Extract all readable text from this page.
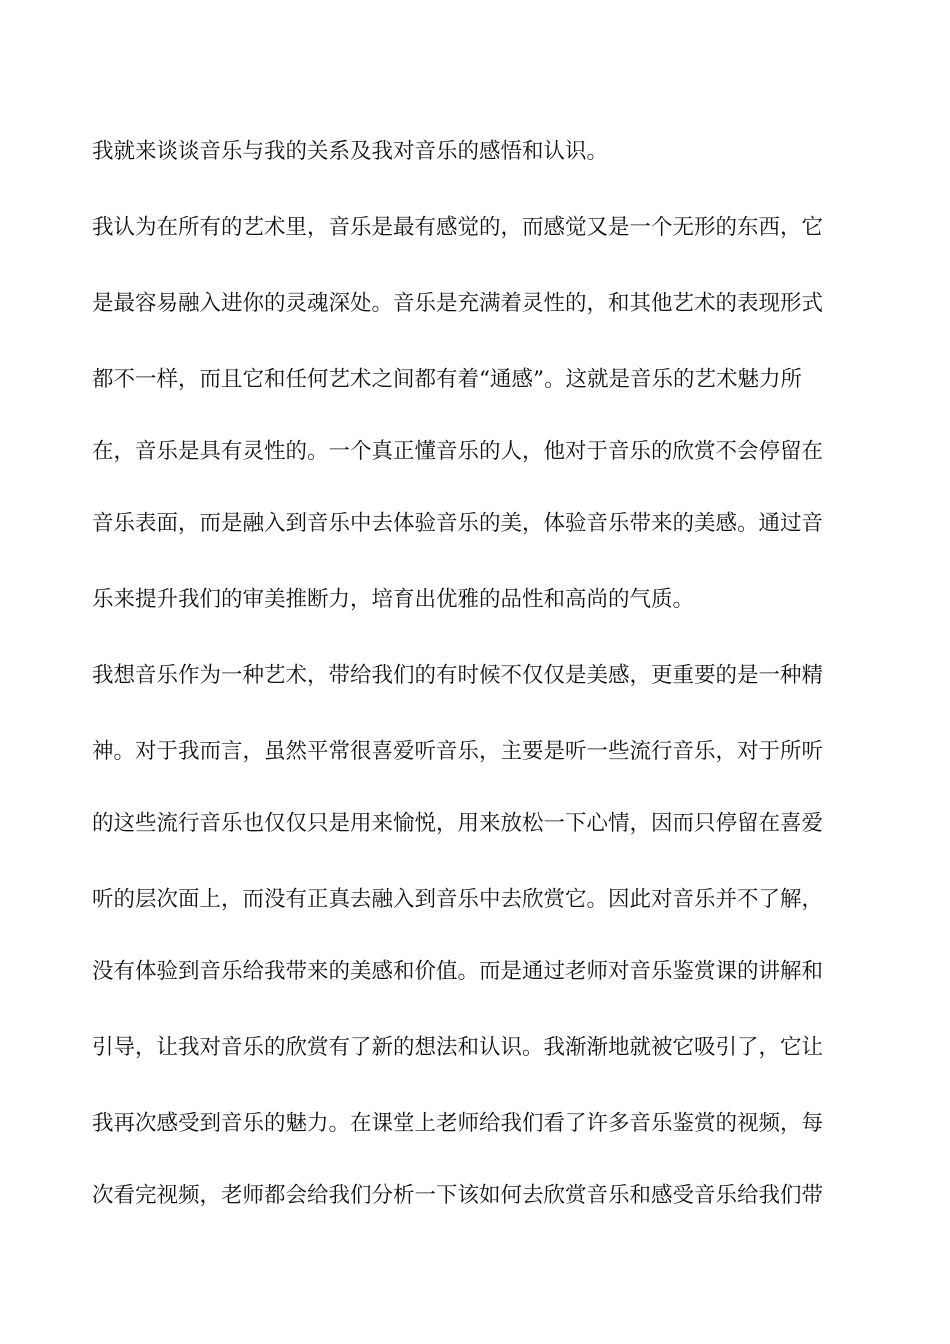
我就来谈谈音乐与我的关系及我对音乐的感悟和认识。

我认为在所有的艺术里，音乐是最有感觉的，而感觉又是一个无形的东西，它

是最容易融入进你的灵魂深处。音乐是充满着灵性的，和其他艺术的表现形式

都不一样，而且它和任何艺术之间都有着“通感”。这就是音乐的艺术魅力所

在，音乐是具有灵性的。一个真正懂音乐的人，他对于音乐的欣赏不会停留在

音乐表面，而是融入到音乐中去体验音乐的美，体验音乐带来的美感。通过音

乐来提升我们的审美推断力，培育出优雅的品性和高尚的气质。

我想音乐作为一种艺术，带给我们的有时候不仅仅是美感，更重要的是一种精

神。对于我而言，虽然平常很喜爱听音乐，主要是听一些流行音乐，对于所听

的这些流行音乐也仅仅只是用来愉悦，用来放松一下心情，因而只停留在喜爱

听的层次面上，而没有正真去融入到音乐中去欣赏它。因此对音乐并不了解，

没有体验到音乐给我带来的美感和价值。而是通过老师对音乐鉴赏课的讲解和

引导，让我对音乐的欣赏有了新的想法和认识。我渐渐地就被它吸引了，它让

我再次感受到音乐的魅力。在课堂上老师给我们看了许多音乐鉴赏的视频，每

次看完视频，老师都会给我们分析一下该如何去欣赏音乐和感受音乐给我们带
